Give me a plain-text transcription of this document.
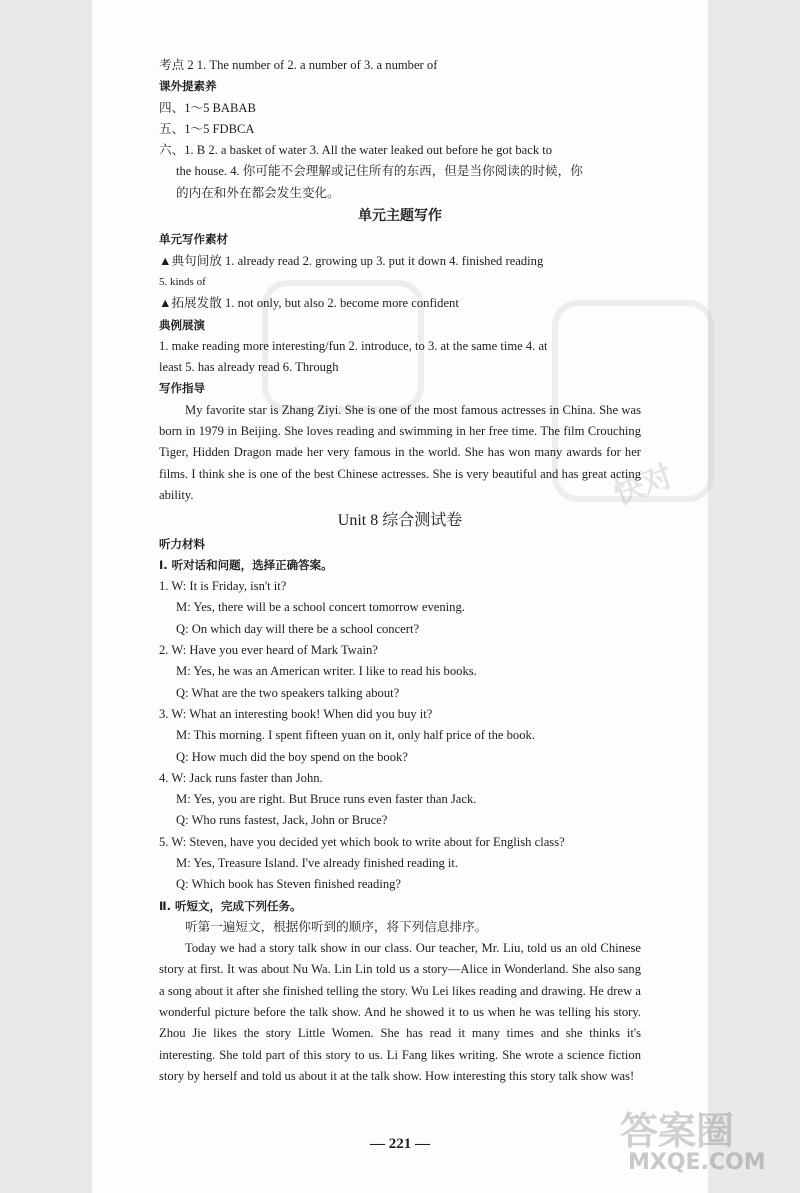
快对
考点 2 1. The number of 2. a number of 3. a number of
课外提素养
四、1～5 BABAB
五、1～5 FDBCA
六、1. B 2. a basket of water 3. All the water leaked out before he got back to
the house. 4. 你可能不会理解或记住所有的东西，但是当你阅读的时候，你
的内在和外在都会发生变化。
单元主题写作
单元写作素材
▲典句间放 1. already read 2. growing up 3. put it down 4. finished reading
5. kinds of
▲拓展发散 1. not only, but also 2. become more confident
典例展演
1. make reading more interesting/fun 2. introduce, to 3. at the same time 4. at
least 5. has already read 6. Through
写作指导
My favorite star is Zhang Ziyi. She is one of the most famous actresses in China. She was born in 1979 in Beijing. She loves reading and swimming in her free time. The film Crouching Tiger, Hidden Dragon made her very famous in the world. She has won many awards for her films. I think she is one of the best Chinese actresses. She is very beautiful and has great acting ability.
Unit 8 综合测试卷
听力材料
Ⅰ. 听对话和问题，选择正确答案。
1. W: It is Friday, isn't it?
M: Yes, there will be a school concert tomorrow evening.
Q: On which day will there be a school concert?
2. W: Have you ever heard of Mark Twain?
M: Yes, he was an American writer. I like to read his books.
Q: What are the two speakers talking about?
3. W: What an interesting book! When did you buy it?
M: This morning. I spent fifteen yuan on it, only half price of the book.
Q: How much did the boy spend on the book?
4. W: Jack runs faster than John.
M: Yes, you are right. But Bruce runs even faster than Jack.
Q: Who runs fastest, Jack, John or Bruce?
5. W: Steven, have you decided yet which book to write about for English class?
M: Yes, Treasure Island. I've already finished reading it.
Q: Which book has Steven finished reading?
Ⅱ. 听短文，完成下列任务。
听第一遍短文，根据你听到的顺序，将下列信息排序。
Today we had a story talk show in our class. Our teacher, Mr. Liu, told us an old Chinese story at first. It was about Nu Wa. Lin Lin told us a story—Alice in Wonderland. She also sang a song about it after she finished telling the story. Wu Lei likes reading and drawing. He drew a wonderful picture before the talk show. And he showed it to us when he was telling his story. Zhou Jie likes the story Little Women. She has read it many times and she thinks it's interesting. She told part of this story to us. Li Fang likes writing. She wrote a science fiction story by herself and told us about it at the talk show. How interesting this story talk show was!
— 221 —	答案圈
MXQE.COM
